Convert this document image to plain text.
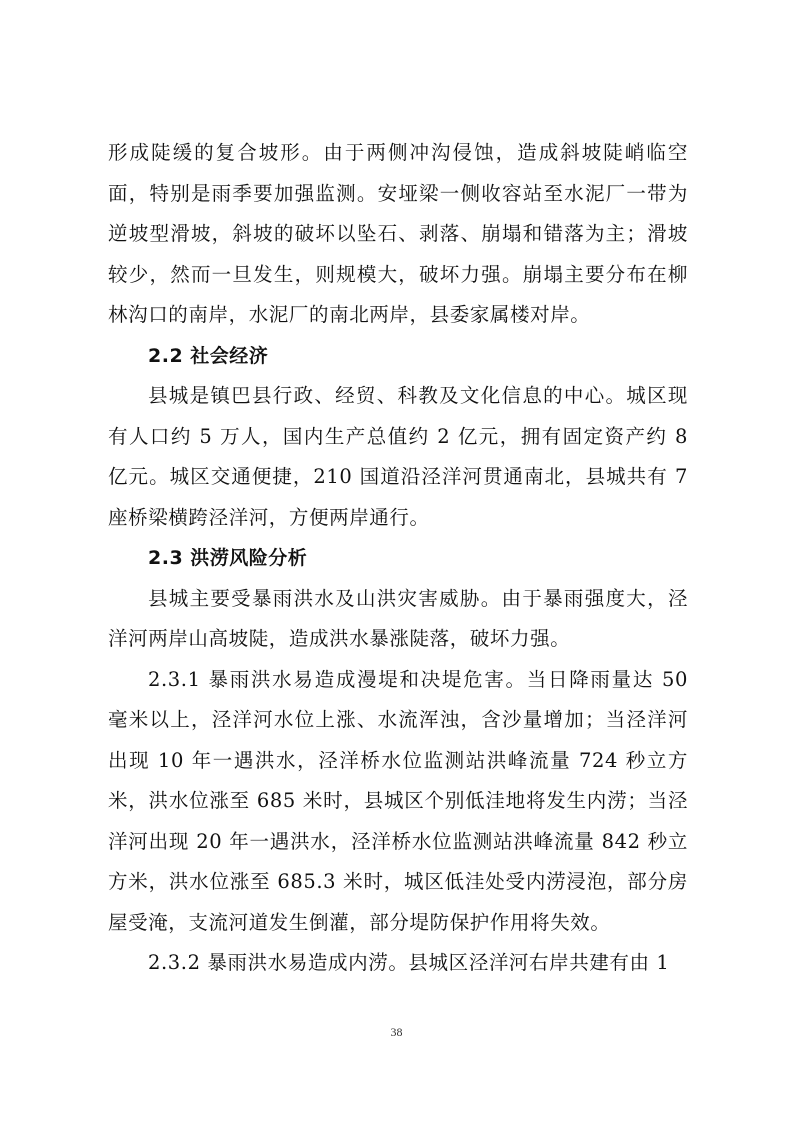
形成陡缓的复合坡形。由于两侧冲沟侵蚀，造成斜坡陡峭临空面，特别是雨季要加强监测。安垭梁一侧收容站至水泥厂一带为逆坡型滑坡，斜坡的破坏以坠石、剥落、崩塌和错落为主；滑坡较少，然而一旦发生，则规模大，破坏力强。崩塌主要分布在柳林沟口的南岸，水泥厂的南北两岸，县委家属楼对岸。

2.2 社会经济

县城是镇巴县行政、经贸、科教及文化信息的中心。城区现有人口约 5 万人，国内生产总值约 2 亿元，拥有固定资产约 8 亿元。城区交通便捷，210 国道沿泾洋河贯通南北，县城共有 7 座桥梁横跨泾洋河，方便两岸通行。

2.3 洪涝风险分析

县城主要受暴雨洪水及山洪灾害威胁。由于暴雨强度大，泾洋河两岸山高坡陡，造成洪水暴涨陡落，破坏力强。

2.3.1 暴雨洪水易造成漫堤和决堤危害。当日降雨量达 50 毫米以上，泾洋河水位上涨、水流浑浊，含沙量增加；当泾洋河出现 10 年一遇洪水，泾洋桥水位监测站洪峰流量 724 秒立方米，洪水位涨至 685 米时，县城区个别低洼地将发生内涝；当泾洋河出现 20 年一遇洪水，泾洋桥水位监测站洪峰流量 842 秒立方米，洪水位涨至 685.3 米时，城区低洼处受内涝浸泡，部分房屋受淹，支流河道发生倒灌，部分堤防保护作用将失效。

2.3.2 暴雨洪水易造成内涝。县城区泾洋河右岸共建有由 1

38
